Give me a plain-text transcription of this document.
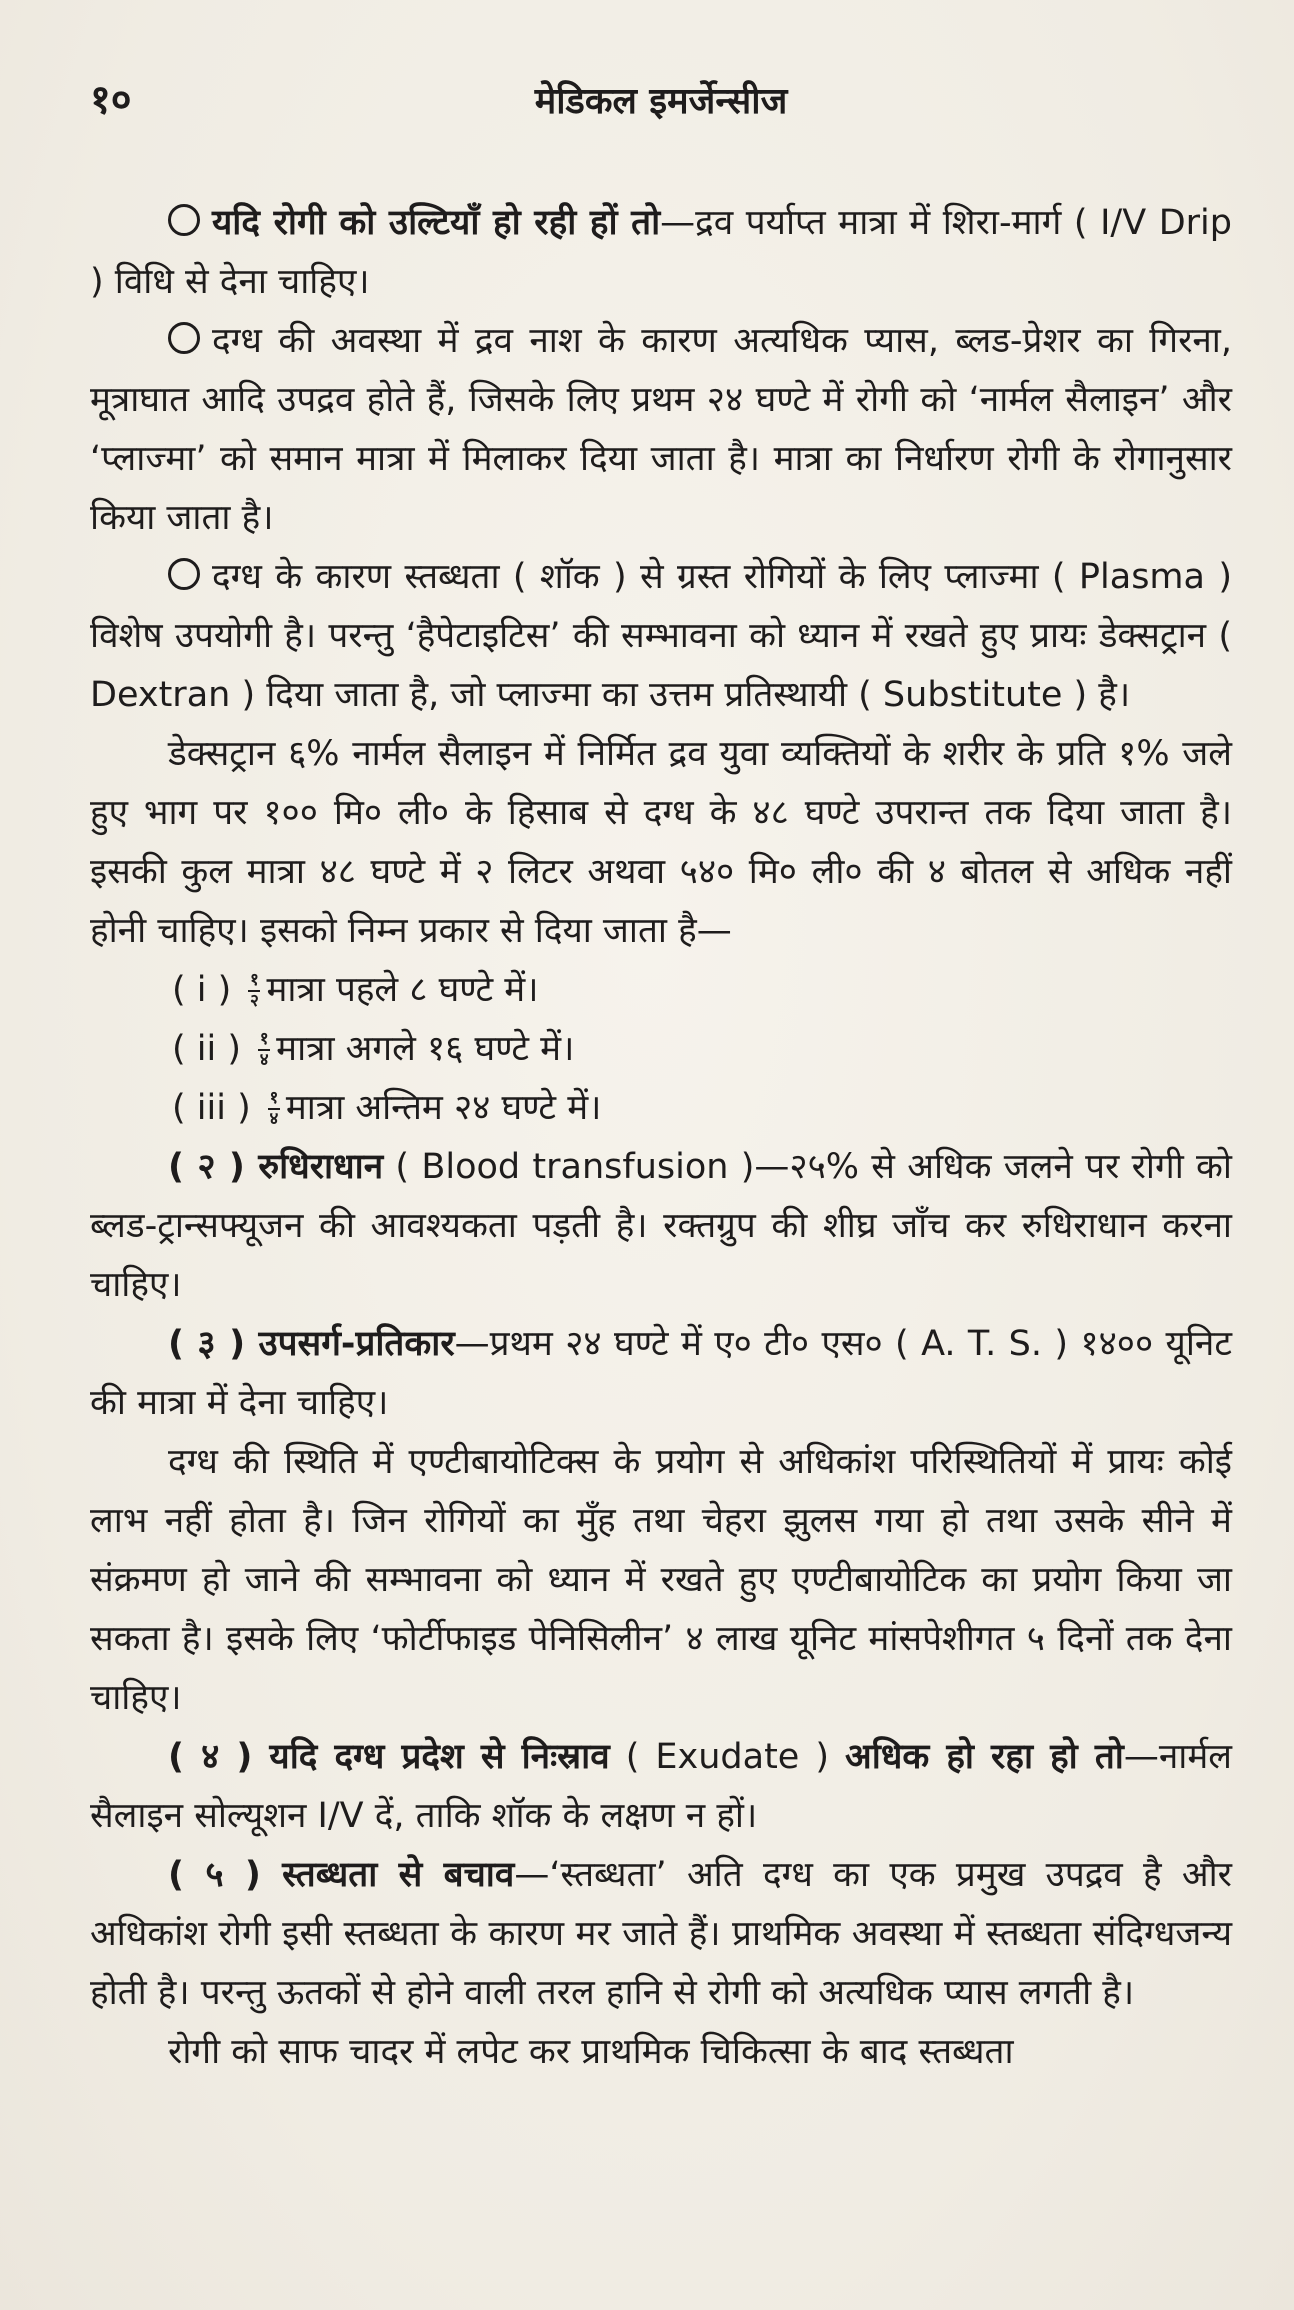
१०	मेडिकल इमर्जेन्सीज

यदि रोगी को उल्टियाँ हो रही हों तो—द्रव पर्याप्त मात्रा में शिरा-मार्ग ( I/V Drip ) विधि से देना चाहिए।

दग्ध की अवस्था में द्रव नाश के कारण अत्यधिक प्यास, ब्लड-प्रेशर का गिरना, मूत्राघात आदि उपद्रव होते हैं, जिसके लिए प्रथम २४ घण्टे में रोगी को ‘नार्मल सैलाइन’ और ‘प्लाज्मा’ को समान मात्रा में मिलाकर दिया जाता है। मात्रा का निर्धारण रोगी के रोगानुसार किया जाता है।

दग्ध के कारण स्तब्धता ( शॉक ) से ग्रस्त रोगियों के लिए प्लाज्मा ( Plasma ) विशेष उपयोगी है। परन्तु ‘हैपेटाइटिस’ की सम्भावना को ध्यान में रखते हुए प्रायः डेक्सट्रान ( Dextran ) दिया जाता है, जो प्लाज्मा का उत्तम प्रतिस्थायी ( Substitute ) है।

डेक्सट्रान ६% नार्मल सैलाइन में निर्मित द्रव युवा व्यक्तियों के शरीर के प्रति १% जले हुए भाग पर १०० मि० ली० के हिसाब से दग्ध के ४८ घण्टे उपरान्त तक दिया जाता है। इसकी कुल मात्रा ४८ घण्टे में २ लिटर अथवा ५४० मि० ली० की ४ बोतल से अधिक नहीं होनी चाहिए। इसको निम्न प्रकार से दिया जाता है—

( i ) $\frac{१}{२}$ मात्रा पहले ८ घण्टे में।

( ii ) $\frac{१}{४}$ मात्रा अगले १६ घण्टे में।

( iii ) $\frac{१}{४}$ मात्रा अन्तिम २४ घण्टे में।

( २ ) रुधिराधान ( Blood transfusion )—२५% से अधिक जलने पर रोगी को ब्लड-ट्रान्सफ्यूजन की आवश्यकता पड़ती है। रक्तग्रुप की शीघ्र जाँच कर रुधिराधान करना चाहिए।

( ३ ) उपसर्ग-प्रतिकार—प्रथम २४ घण्टे में ए० टी० एस० ( A. T. S. ) १४०० यूनिट की मात्रा में देना चाहिए।

दग्ध की स्थिति में एण्टीबायोटिक्स के प्रयोग से अधिकांश परिस्थितियों में प्रायः कोई लाभ नहीं होता है। जिन रोगियों का मुँह तथा चेहरा झुलस गया हो तथा उसके सीने में संक्रमण हो जाने की सम्भावना को ध्यान में रखते हुए एण्टीबायोटिक का प्रयोग किया जा सकता है। इसके लिए ‘फोर्टीफाइड पेनिसिलीन’ ४ लाख यूनिट मांसपेशीगत ५ दिनों तक देना चाहिए।

( ४ ) यदि दग्ध प्रदेश से निःस्राव ( Exudate ) अधिक हो रहा हो तो—नार्मल सैलाइन सोल्यूशन I/V दें, ताकि शॉक के लक्षण न हों।

( ५ ) स्तब्धता से बचाव—‘स्तब्धता’ अति दग्ध का एक प्रमुख उपद्रव है और अधिकांश रोगी इसी स्तब्धता के कारण मर जाते हैं। प्राथमिक अवस्था में स्तब्धता संदिग्धजन्य होती है। परन्तु ऊतकों से होने वाली तरल हानि से रोगी को अत्यधिक प्यास लगती है।

रोगी को साफ चादर में लपेट कर प्राथमिक चिकित्सा के बाद स्तब्धता
